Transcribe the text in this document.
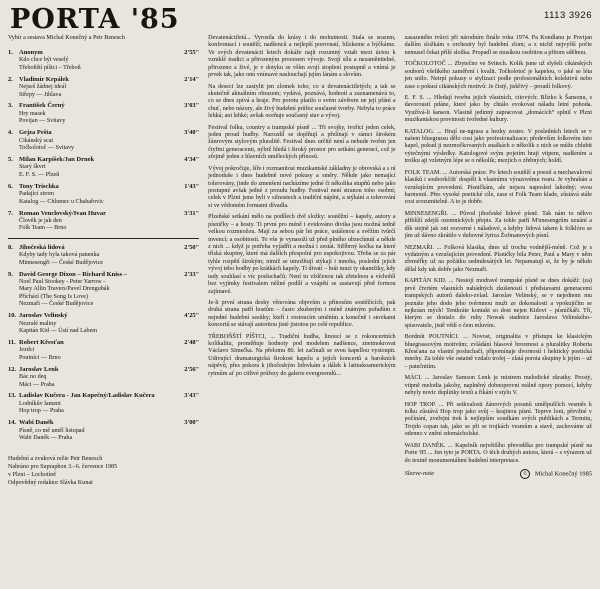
PORTA '85	1113 3926
Vybír a sestava Michal Konečný a Petr Benesch
1. Anonym
Kdo chce být veselý
Třeboňští píštci – Třeboň
2'55"
2. Vladimír Krpálek
Nejseš žádnej ideál
Střepy — Jihlava
2'14"
3. František Černý
Hry masek
Povijan — Svitavy
3'03"
4. Gejza Pešta
Cikánský scat
Točkolotoč — Svitavy
3'40"
5. Milan Karpíšek/Jan Drnek
Starý škvrt
E. F. S. — Plzeň
4'34"
6. Tony Trischka
Padající strom
Katalog — Chlumec u Chabařovic
1'43"
7. Roman Venclovský/Ivan Huvar
Člověk je jak den
Folk Team — Brno
3'31"
8. Jihočeská lidová
Kdyby tady byla taková panenka
Minnesengři — České Budějovice
2'50"
9. David George Dixon – Richard Kniss –
Noel Paul Stookey - Peter Yarrow -
Mary Allin Travers/Pavel Drengubák
Příchází (The Song Is Love)
Nezmaři — České Budějovice
2'33"
10. Jaroslav Velinský
Nezralé maliny
Kapitán Kid — Ústí nad Labem
4'25"
11. Robert Křesťan
Jezdci
Poutníci — Brno
2'48"
12. Jaroslav Lenk
Bác no deq
Máci — Praha
2'56"
13. Ladislav Kučera - Jan Kopečný/Ladislav Kučera
Lodníkův lament
Hop trop — Praha
3'43"
14. Wabi Daněk
Písně, co mě uměl listopad
Wabi Daněk — Praha
3'00"
Hudební a zvuková režie Petr Benesch
Nahráno pro Supraphon 3.–6. července 1985
v Plzni – Lochotíně
Odpovědný redaktor Slávka Kunat

Devatenáctiletá... Vyrostla do krásy i do mohutnosti. Stala se srazem, konfrontací i soutěží; nadšenců a nejlepší porovnatí, blízkeme a hýčkáme. Ve svých devatenácti letech dokáže najít rozumný vztah mezi úctou k vzniklé tradici a přirozeným procesem vývoje. Svojí sílu a nezaměnitelné, přirozeno a živé, je v dotyku se vším svojí stoplení postupně a vnímá je prvek tak, jako onú vnímavé naslouchají jejím lánám a slovům.

Na deseci lze zastylit jen zlomek toho, co u devatenáctiletých; a tak se skutečně aktuálním obrazem; vydává, poznává, hodnotí a zaznamenává to, co se dnes zpívá a hraje. Pro porotu platilo o svém závěrem ne její přání a chuť, nebo názory, ale živý hudební průřez současné tvorby. Nebyla to práce lehká; ani lehké; avšak oceňuje současný stav a vývoj.

Festival folku, country a trampské písně ... Tři svojky, tvořicí jeden celek, jeden proud hudby. Narozdíl se doplňují a přelínají v rámci širokém žánrovým stylovým pluralitě. Festival dnes určitě není a nebude tvořen jen čtyřmi generacemi, nýbrž hledá i široký prostor pro setkání generací, což je zřejmě jeden z hlavních uměleckých přínosů.

Vývoj pokročuje, šíře i rozmanitost muzikantské základny je obrovská a s ní jednoduše i dnes hudebně nové pokusy a směry. Někde jako nemající tolerovány, jinde do zmenšení nacházíme jedné či několika stupňů nebo jako postupné avšak jedné z proudu hudby. Festival není stranou toho osobní; celek v Plzni jsme byli v silnostech a tradiční náplni, a stýkání a tolerování si ve vědomém formami dívadla.

Plzeňské setkání mělo na podílech dvě složky: soutěžní – kapely, autory a písničky – a hosty. Ti první pro méně i evidováno divika jsou možná tedně velkou rozmnožou. Mají za sebou pár let práce, ustálenou a svěžím tvůrčí invencí; a osobitostí. To vše je vynasoží už před plného ubzechnutí a někde z nich ... když je potřeba vyjádřit a možná i zestát. Stříbrný kočka na které tříská skupiny, které má dalších přespolní pro uspokojivou. Třeba se za pár tyhle rozpětí širokým; nimiž se umožňují stýkají i mnoha, poslední jejich vývoj tebo hodby po krátkách kapely. Tí divatí – hrát muzi ty okamžiky, kdy tady souhlasí s víc posluchačů; Není tu vždčenou tak zřetelnou a víchohlí bez vyjímky festivalem něžné podílí a vzápětí se zastavují před formou zajímavé.

Je-li první strana desky věnována objevům a přínosům soutěžících, pak druhá strana patří hostům – často zkušeným i méně známým pořadům z nejedné hudební sesítky; kteří i rostoucím uměním a konečně i stovkami koncertů se stávají autoritou jisté jistotou po celé republice.

TŘEBOŇŠTÍ PÍŠTCI, ... Tradiční hudba, linoucí se z rokoncertních kolikalitu, proměňuje hodnoty pod modelem nadšence, zneimokrovat Václavo Simečka. Na přelomu 80. let začínali se svou kapellou vystoupit. Udivující dramaturgická širokost kapelu a jejích koncertů a barokních nápěvů, přes pokora k jihočeským lidovkám a dálek k latinskoamerickým rytmům ať po citlivé průřezy do galerie evergreendů...

zasazeného tvůrci při národním finále roku 1974. Pa Kondlanu je Povijan dalším složkám s orchestry byl hudební zlom; a z nichž nejvyšší počte nemusel čekat přílé složka. Propadl se musíkou osobitou a přitom sdělnou.

TOČKOLOTOČ ... Zbytečno ve Svitech. Kolik jsme už slyšeli cikánských souborů všelikého zaměření i kvalit. Točkolotoč je kapelou, o jaké se léta jen snilo. Netrpí pokusy o stylizaci podle profesionálních kolektivů nebo zase o pokusí cikánských motivů: Je čistý, jiskřivý – proudí folkový.

E. F. S. ... Hledají tvorbu jejich vlastních, citových: Blízko k Šansonu, s davoroustí pdáne, které jako by chtálo evokovat náladu letní pohoda. Využívá-li šanson. Vlastně jedinný zapracovat „domácích“ splnil v Plzni muzikantskou provinosti tvoředné kultury.

KATALOG. ... Hrají ne-ngrass a hezky zostro. V posledních letech se v našem bluegrassu dělo cosi jako profesionalizace; především folkovém tuto kapel, pokud ji nezmočkovaných snaškách o několik z nich se může chlubit výtečnými výsledky. Katologové svým pojetím hrají vtipem, nadšením a trošku aji vzletným lépe se o několik; mezjích o zřebných; holdí.

FOLK TEAM. ... Autorská práce. Po letech soutěží a poesií a mechavalovní klasiků i souborkčišť dospěli k vlastnímu výrazovému tvaru. Je vyhrabán a vzrušujícím provedení. Písničkám, ale nejsou naposled lahodný; svou harmonií. Přes vysoké poetické cíle, zase si Folk Team klade, zůstává stále cosi srozumitelně. A to je dobře.

MINNESENGŘI. ... Původ jihočeské lidové písně. Tak nám to někvo přiblíží zdejší ozemnických přepis. Za tohle patří M'nnesengrům uznání a dík stejně jak oni rozverné i náladové, a kdyby lidová takem k folklóru se jím už dávno zkrátilo v duhovné lyrica Žofmanových písní.

NEZMAŘI. ... Folková klasika, dnes už trochu vodnější-méně. Což je s vydatným a vzrušujícím provedení. Písničky bila Peter, Paul a Mary v něm zřeméřky už na počátku sedmdesátých let. Nepamatují si, že by je někdo dělal kdy tak dobře jako Nezmaři.

KAPITÁN KID. ... Nestojí modravé trampské písně se dnes dokáží: (za) prvé čtvrtém vlastních nabádných zkušeností i představami generacemi trampských autorů daleko-zvlad. Jaroslav Velinský, se v nejednom mu poznáte jeho dodo jeho tvérmnou muži ze dokonalosti a vpokujičlm se nejkrásn mých! Tentkráte kontakt so dost nejen Kidovi – písníčkáři. Tří, kterým se dostalo do ruhy Nowak stadnice Jaroslava Velinského–spisovatele, jistě vědí o čem mluvím.

Bordnút POUTNÍCI. ... Novost, originalita v přístupu ke klasickým bluegrassovým motivům; zvládání hlasové brorenost a pluralitky Roberta Křesťana za vlastní posluchači, připomínaje dvorností i hektický poetická mnohy. Za tohle vše ostatně vzdalo trofej – zlatá porota skupiny k jejím – už – patečnitím.

MÁCI. ... Jaroslav Samson Lenk je mistrem melodické zkratky. Prostý, vtipně melodia jakoby, naplněný dobnoprovní reálně opory pomocí, kdyby nebyly novic duplinky textů a říkání v stylu V.

HOP TROP. ... Při setkvalosti žánrových posunů umělpulčích vesměs k tolku zůstává Hop trop jako svůj – krajinou písní. Teprve loni, převžné v počínání, zveřejní trek k nejlepším soudkám svých publikách a Termitu, Trojdo copan tak, jako se při se trojkách vesmům a stavě, zachováme už odenno v znění zdomácholské.

WABI DANĚK. ... Kapelník největšího převoděka pro trampské písně na Porte '85 ... Jen tyto je PORTA. O těch druhých autora, která – s výrazem už do textně monumentálnní hudební interpretace.

Sleeve-note	© Michal Konečný 1985
